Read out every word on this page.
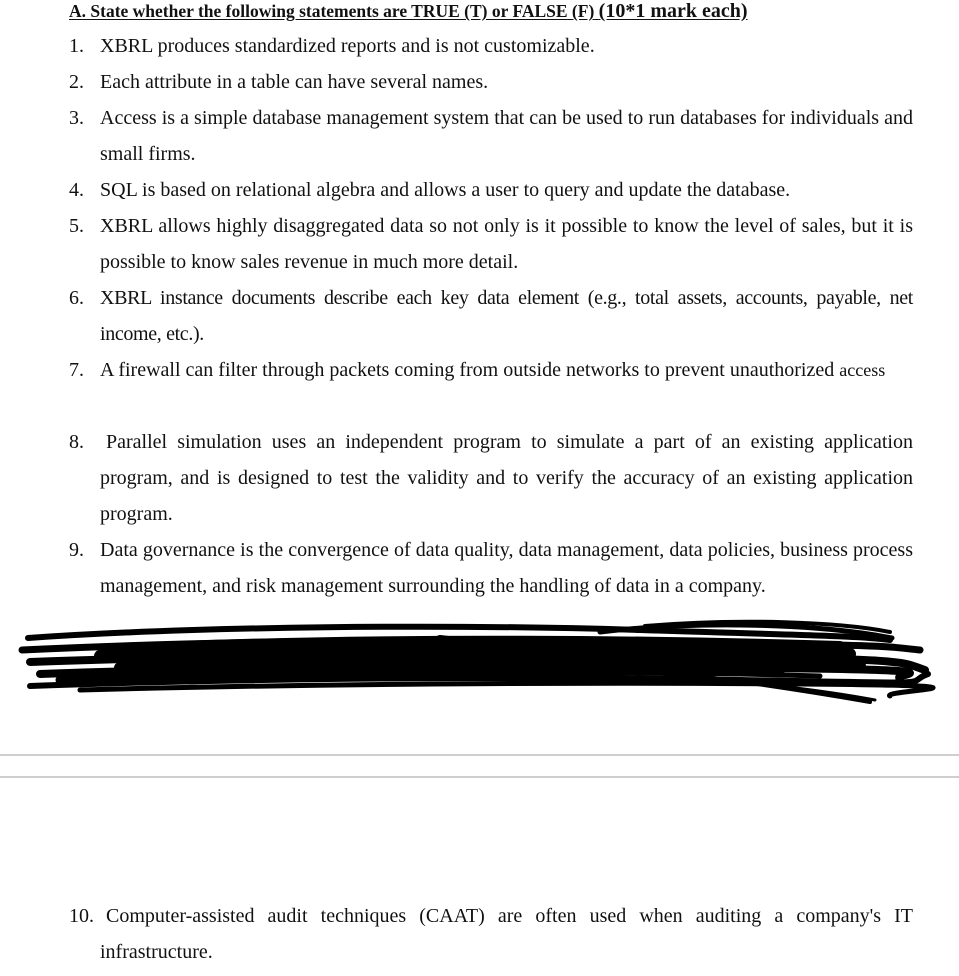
A. State whether the following statements are TRUE (T) or FALSE (F) (10*1 mark each)
1. XBRL produces standardized reports and is not customizable.
2. Each attribute in a table can have several names.
3. Access is a simple database management system that can be used to run databases for individuals and small firms.
4. SQL is based on relational algebra and allows a user to query and update the database.
5. XBRL allows highly disaggregated data so not only is it possible to know the level of sales, but it is possible to know sales revenue in much more detail.
6. XBRL instance documents describe each key data element (e.g., total assets, accounts, payable, net income, etc.).
7. A firewall can filter through packets coming from outside networks to prevent unauthorized access
8.	Parallel simulation uses an independent program to simulate a part of an existing application program, and is designed to test the validity and to verify the accuracy of an existing application program.
9. Data governance is the convergence of data quality, data management, data policies, business process management, and risk management surrounding the handling of data in a company.
10. Computer-assisted audit techniques (CAAT) are often used when auditing a company's IT infrastructure.
